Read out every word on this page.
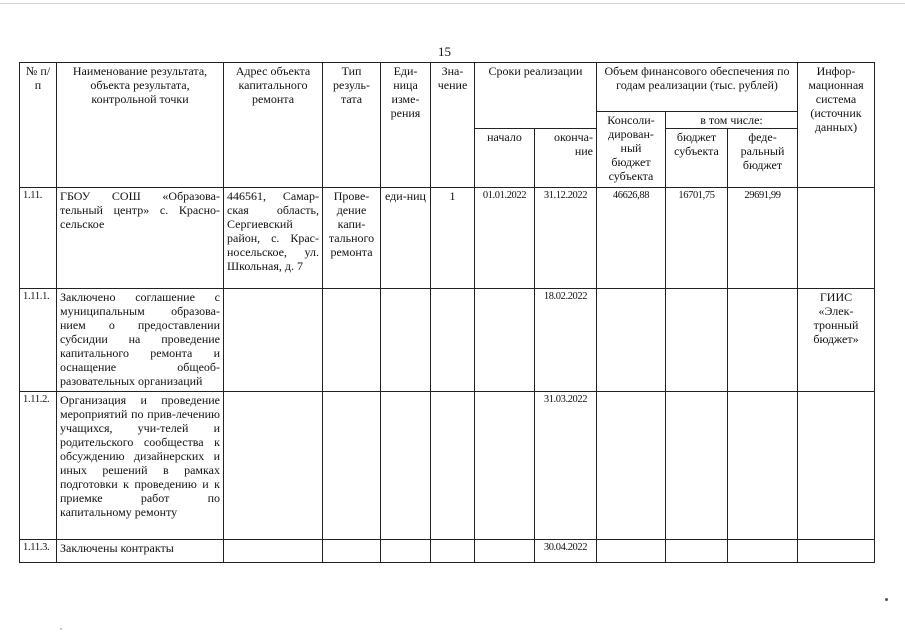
15
№ п/п	Наименование результата, объекта результата, контрольной точки	Адрес объекта капитального ремонта	Тип резуль-тата	Еди-ница изме-рения	Зна-чение	Сроки реализации		Объем финансового обеспечения по годам реализации (тыс. рублей)			Инфор-мационная система (источник данных)
								Консоли-дирован-ный бюджет субъекта	в том числе:		
						начало	оконча-ние		бюджет субъекта	феде-ральный бюджет	
1.11.	ГБОУ СОШ «Образова-тельный центр» с. Красно-сельское	446561, Самар-ская область, Сергиевский район, с. Крас-носельское, ул. Школьная, д. 7	Прове-дение капи-тального ремонта	еди-ниц	1	01.01.2022	31.12.2022	46626,88	16701,75	29691,99	
1.11.1.	Заключено соглашение с муниципальным образова-нием о предоставлении субсидии на проведение капитального ремонта и оснащение общеоб-разовательных организаций						18.02.2022				ГИИС «Элек-тронный бюджет»
1.11.2.	Организация и проведение мероприятий по прив-лечению учащихся, учи-телей и родительского сообщества к обсуждению дизайнерских и иных решений в рамках подготовки к проведению и к приемке работ по капитальному ремонту						31.03.2022				
1.11.3.	Заключены контракты						30.04.2022				
